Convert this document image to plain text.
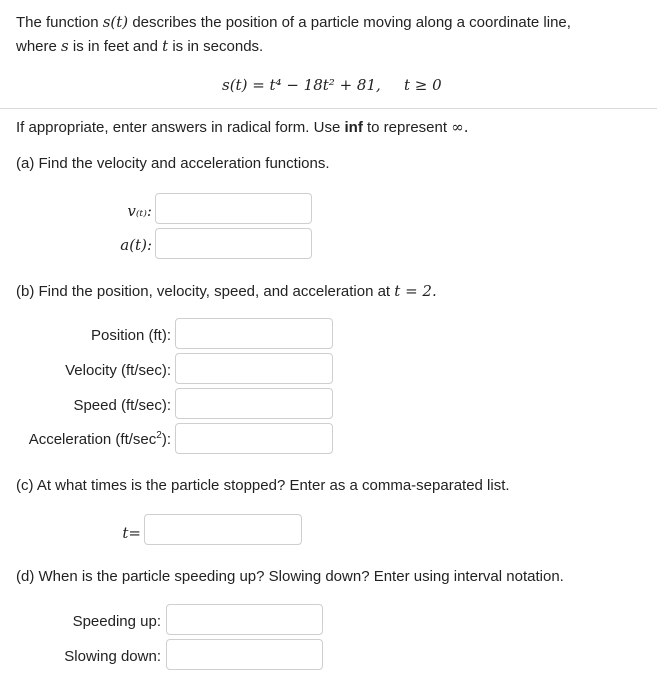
The function s(t) describes the position of a particle moving along a coordinate line,
where s is in feet and t is in seconds.
s(t) = t⁴ − 18t² + 81, t ≥ 0
If appropriate, enter answers in radical form. Use inf to represent ∞.
(a) Find the velocity and acceleration functions.
v₍ₜ₎:
a(t):
(b) Find the position, velocity, speed, and acceleration at t = 2.
Position (ft):
Velocity (ft/sec):
Speed (ft/sec):
Acceleration $(ft/\sec^2)$:
(c) At what times is the particle stopped? Enter as a comma-separated list.
t=
(d) When is the particle speeding up? Slowing down? Enter using interval notation.
Speeding up:
Slowing down:
